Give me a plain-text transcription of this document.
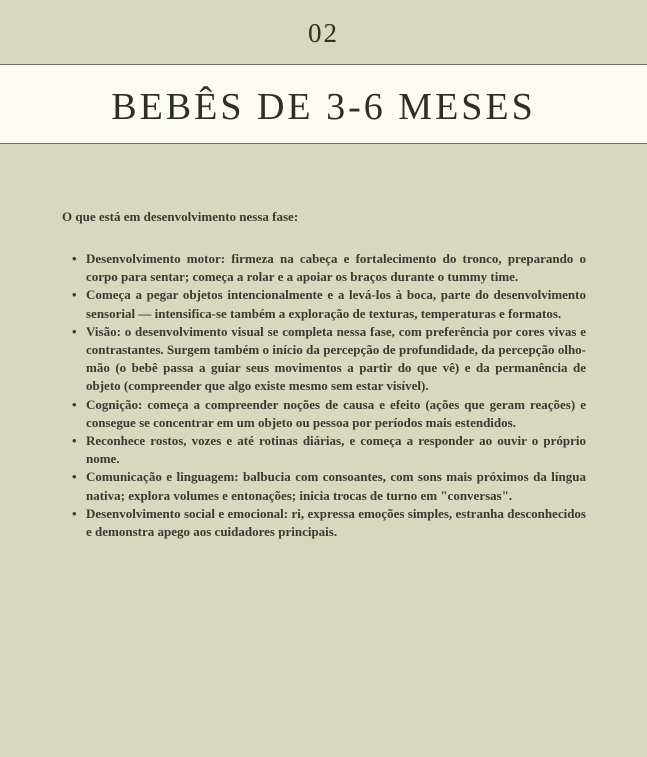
02
BEBÊS DE 3-6 MESES

O que está em desenvolvimento nessa fase:

• Desenvolvimento motor: firmeza na cabeça e fortalecimento do tronco, preparando o corpo para sentar; começa a rolar e a apoiar os braços durante o tummy time.
• Começa a pegar objetos intencionalmente e a levá-los à boca, parte do desenvolvimento sensorial — intensifica-se também a exploração de texturas, temperaturas e formatos.
• Visão: o desenvolvimento visual se completa nessa fase, com preferência por cores vivas e contrastantes. Surgem também o início da percepção de profundidade, da percepção olho-mão (o bebê passa a guiar seus movimentos a partir do que vê) e da permanência de objeto (compreender que algo existe mesmo sem estar visível).
• Cognição: começa a compreender noções de causa e efeito (ações que geram reações) e consegue se concentrar em um objeto ou pessoa por períodos mais estendidos.
• Reconhece rostos, vozes e até rotinas diárias, e começa a responder ao ouvir o próprio nome.
• Comunicação e linguagem: balbucia com consoantes, com sons mais próximos da língua nativa; explora volumes e entonações; inicia trocas de turno em "conversas".
• Desenvolvimento social e emocional: ri, expressa emoções simples, estranha desconhecidos e demonstra apego aos cuidadores principais.
